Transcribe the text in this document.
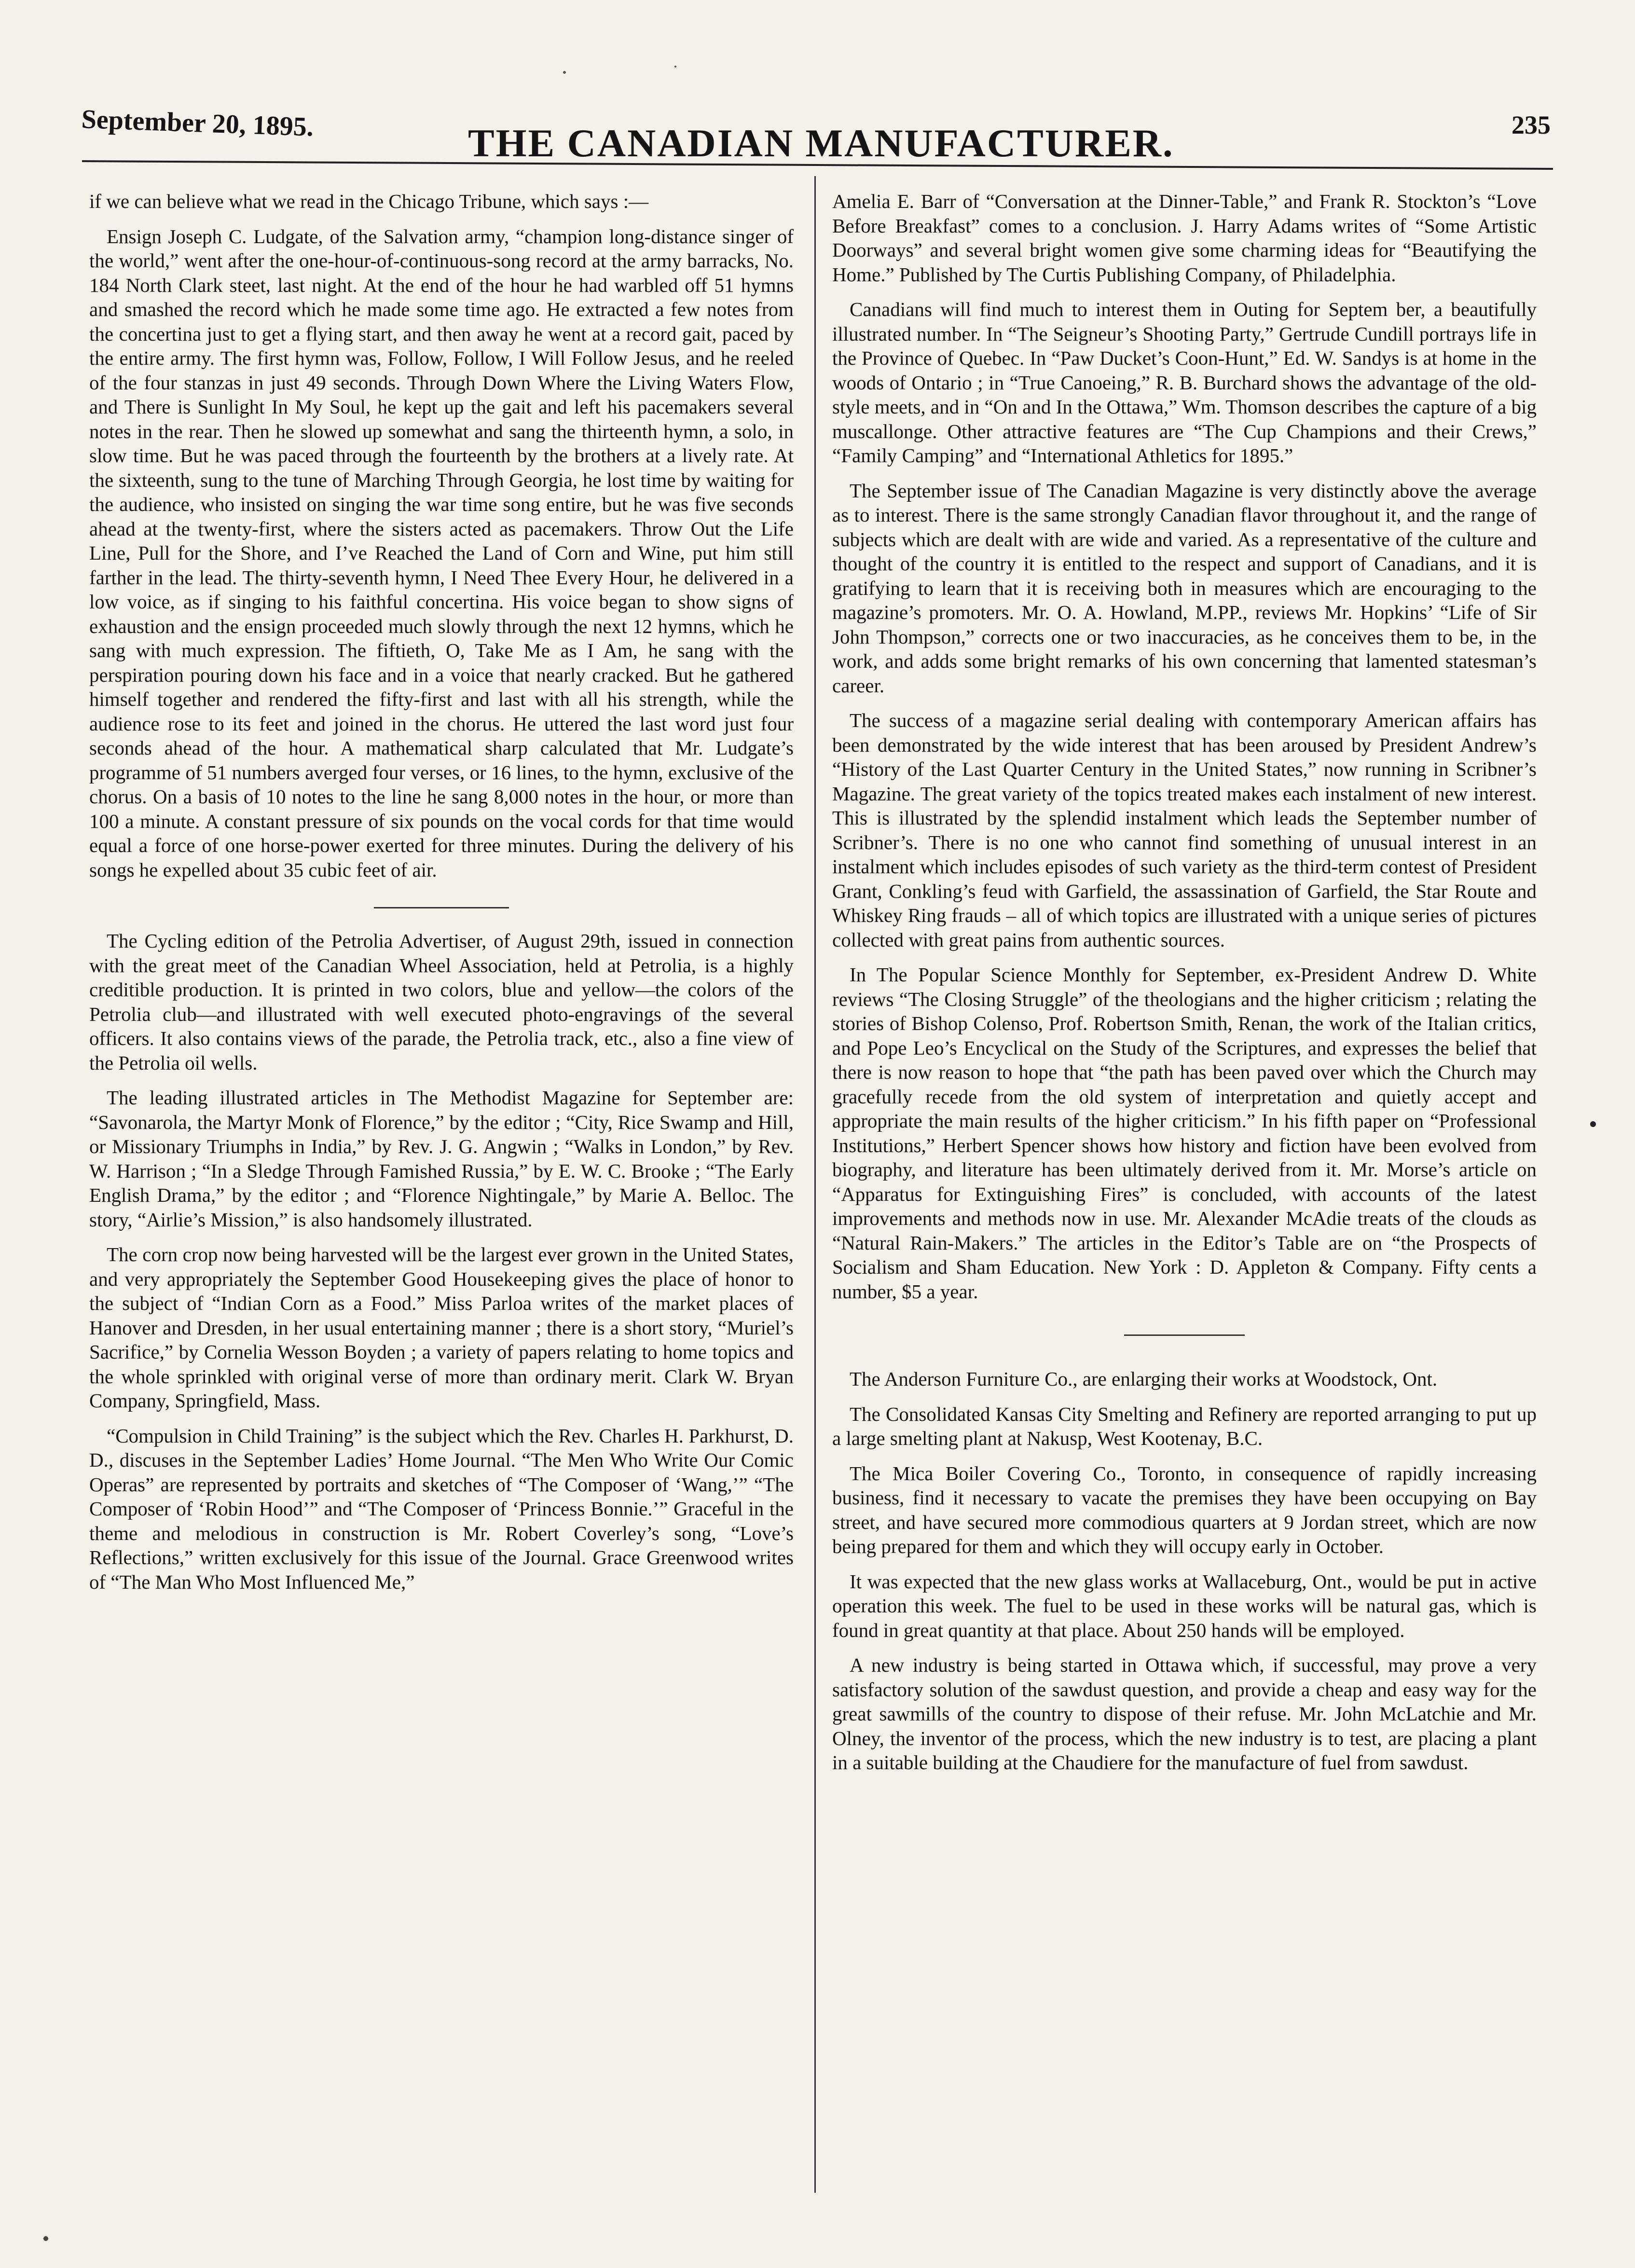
September 20, 1895.	THE CANADIAN MANUFACTURER.	235

if we can believe what we read in the Chicago Tribune, which says :—

Ensign Joseph C. Ludgate, of the Salvation army, “champion long-distance singer of the world,” went after the one-hour-of-continuous-song record at the army barracks, No. 184 North Clark steet, last night. At the end of the hour he had warbled off 51 hymns and smashed the record which he made some time ago. He extracted a few notes from the concertina just to get a flying start, and then away he went at a record gait, paced by the entire army. The first hymn was, Follow, Follow, I Will Follow Jesus, and he reeled of the four stanzas in just 49 seconds. Through Down Where the Living Waters Flow, and There is Sunlight In My Soul, he kept up the gait and left his pacemakers several notes in the rear. Then he slowed up somewhat and sang the thirteenth hymn, a solo, in slow time. But he was paced through the fourteenth by the brothers at a lively rate. At the sixteenth, sung to the tune of Marching Through Georgia, he lost time by waiting for the audience, who insisted on singing the war time song entire, but he was five seconds ahead at the twenty-first, where the sisters acted as pacemakers. Throw Out the Life Line, Pull for the Shore, and I’ve Reached the Land of Corn and Wine, put him still farther in the lead. The thirty-seventh hymn, I Need Thee Every Hour, he delivered in a low voice, as if singing to his faithful concertina. His voice began to show signs of exhaustion and the ensign proceeded much slowly through the next 12 hymns, which he sang with much expression. The fiftieth, O, Take Me as I Am, he sang with the perspiration pouring down his face and in a voice that nearly cracked. But he gathered himself together and rendered the fifty-first and last with all his strength, while the audience rose to its feet and joined in the chorus. He uttered the last word just four seconds ahead of the hour. A mathematical sharp calculated that Mr. Ludgate’s programme of 51 numbers averged four verses, or 16 lines, to the hymn, exclusive of the chorus. On a basis of 10 notes to the line he sang 8,000 notes in the hour, or more than 100 a minute. A constant pressure of six pounds on the vocal cords for that time would equal a force of one horse-power exerted for three minutes. During the delivery of his songs he expelled about 35 cubic feet of air.

The Cycling edition of the Petrolia Advertiser, of August 29th, issued in connection with the great meet of the Canadian Wheel Association, held at Petrolia, is a highly creditible production. It is printed in two colors, blue and yellow—the colors of the Petrolia club—and illustrated with well executed photo-engravings of the several officers. It also contains views of the parade, the Petrolia track, etc., also a fine view of the Petrolia oil wells.

The leading illustrated articles in The Methodist Magazine for September are: “Savonarola, the Martyr Monk of Florence,” by the editor ; “City, Rice Swamp and Hill, or Missionary Triumphs in India,” by Rev. J. G. Angwin ; “Walks in London,” by Rev. W. Harrison ; “In a Sledge Through Famished Russia,” by E. W. C. Brooke ; “The Early English Drama,” by the editor ; and “Florence Nightingale,” by Marie A. Belloc. The story, “Airlie’s Mission,” is also handsomely illustrated.

The corn crop now being harvested will be the largest ever grown in the United States, and very appropriately the September Good Housekeeping gives the place of honor to the subject of “Indian Corn as a Food.” Miss Parloa writes of the market places of Hanover and Dresden, in her usual entertaining manner ; there is a short story, “Muriel’s Sacrifice,” by Cornelia Wesson Boyden ; a variety of papers relating to home topics and the whole sprinkled with original verse of more than ordinary merit. Clark W. Bryan Company, Springfield, Mass.

“Compulsion in Child Training” is the subject which the Rev. Charles H. Parkhurst, D. D., discuses in the September Ladies’ Home Journal. “The Men Who Write Our Comic Operas” are represented by portraits and sketches of “The Composer of ‘Wang,’” “The Composer of ‘Robin Hood’” and “The Composer of ‘Princess Bonnie.’” Graceful in the theme and melodious in construction is Mr. Robert Coverley’s song, “Love’s Reflections,” written exclusively for this issue of the Journal. Grace Greenwood writes of “The Man Who Most Influenced Me,”

Amelia E. Barr of “Conversation at the Dinner-Table,” and Frank R. Stockton’s “Love Before Breakfast” comes to a conclusion. J. Harry Adams writes of “Some Artistic Doorways” and several bright women give some charming ideas for “Beautifying the Home.” Published by The Curtis Publishing Company, of Philadelphia.

Canadians will find much to interest them in Outing for Septem ber, a beautifully illustrated number. In “The Seigneur’s Shooting Party,” Gertrude Cundill portrays life in the Province of Quebec. In “Paw Ducket’s Coon-Hunt,” Ed. W. Sandys is at home in the woods of Ontario ; in “True Canoeing,” R. B. Burchard shows the advantage of the old-style meets, and in “On and In the Ottawa,” Wm. Thomson describes the capture of a big muscallonge. Other attractive features are “The Cup Champions and their Crews,” “Family Camping” and “International Athletics for 1895.”

The September issue of The Canadian Magazine is very distinctly above the average as to interest. There is the same strongly Canadian flavor throughout it, and the range of subjects which are dealt with are wide and varied. As a representative of the culture and thought of the country it is entitled to the respect and support of Canadians, and it is gratifying to learn that it is receiving both in measures which are encouraging to the magazine’s promoters. Mr. O. A. Howland, M.PP., reviews Mr. Hopkins’ “Life of Sir John Thompson,” corrects one or two inaccuracies, as he conceives them to be, in the work, and adds some bright remarks of his own concerning that lamented statesman’s career.

The success of a magazine serial dealing with contemporary American affairs has been demonstrated by the wide interest that has been aroused by President Andrew’s “History of the Last Quarter Century in the United States,” now running in Scribner’s Magazine. The great variety of the topics treated makes each instalment of new interest. This is illustrated by the splendid instalment which leads the September number of Scribner’s. There is no one who cannot find something of unusual interest in an instalment which includes episodes of such variety as the third-term contest of President Grant, Conkling’s feud with Garfield, the assassination of Garfield, the Star Route and Whiskey Ring frauds – all of which topics are illustrated with a unique series of pictures collected with great pains from authentic sources.

In The Popular Science Monthly for September, ex-President Andrew D. White reviews “The Closing Struggle” of the theologians and the higher criticism ; relating the stories of Bishop Colenso, Prof. Robertson Smith, Renan, the work of the Italian critics, and Pope Leo’s Encyclical on the Study of the Scriptures, and expresses the belief that there is now reason to hope that “the path has been paved over which the Church may gracefully recede from the old system of interpretation and quietly accept and appropriate the main results of the higher criticism.” In his fifth paper on “Professional Institutions,” Herbert Spencer shows how history and fiction have been evolved from biography, and literature has been ultimately derived from it. Mr. Morse’s article on “Apparatus for Extinguishing Fires” is concluded, with accounts of the latest improvements and methods now in use. Mr. Alexander McAdie treats of the clouds as “Natural Rain-Makers.” The articles in the Editor’s Table are on “the Prospects of Socialism and Sham Education. New York : D. Appleton & Company. Fifty cents a number, $5 a year.

The Anderson Furniture Co., are enlarging their works at Woodstock, Ont.

The Consolidated Kansas City Smelting and Refinery are reported arranging to put up a large smelting plant at Nakusp, West Kootenay, B.C.

The Mica Boiler Covering Co., Toronto, in consequence of rapidly increasing business, find it necessary to vacate the premises they have been occupying on Bay street, and have secured more commodious quarters at 9 Jordan street, which are now being prepared for them and which they will occupy early in October.

It was expected that the new glass works at Wallaceburg, Ont., would be put in active operation this week. The fuel to be used in these works will be natural gas, which is found in great quantity at that place. About 250 hands will be employed.

A new industry is being started in Ottawa which, if successful, may prove a very satisfactory solution of the sawdust question, and provide a cheap and easy way for the great sawmills of the country to dispose of their refuse. Mr. John McLatchie and Mr. Olney, the inventor of the process, which the new industry is to test, are placing a plant in a suitable building at the Chaudiere for the manufacture of fuel from sawdust.
